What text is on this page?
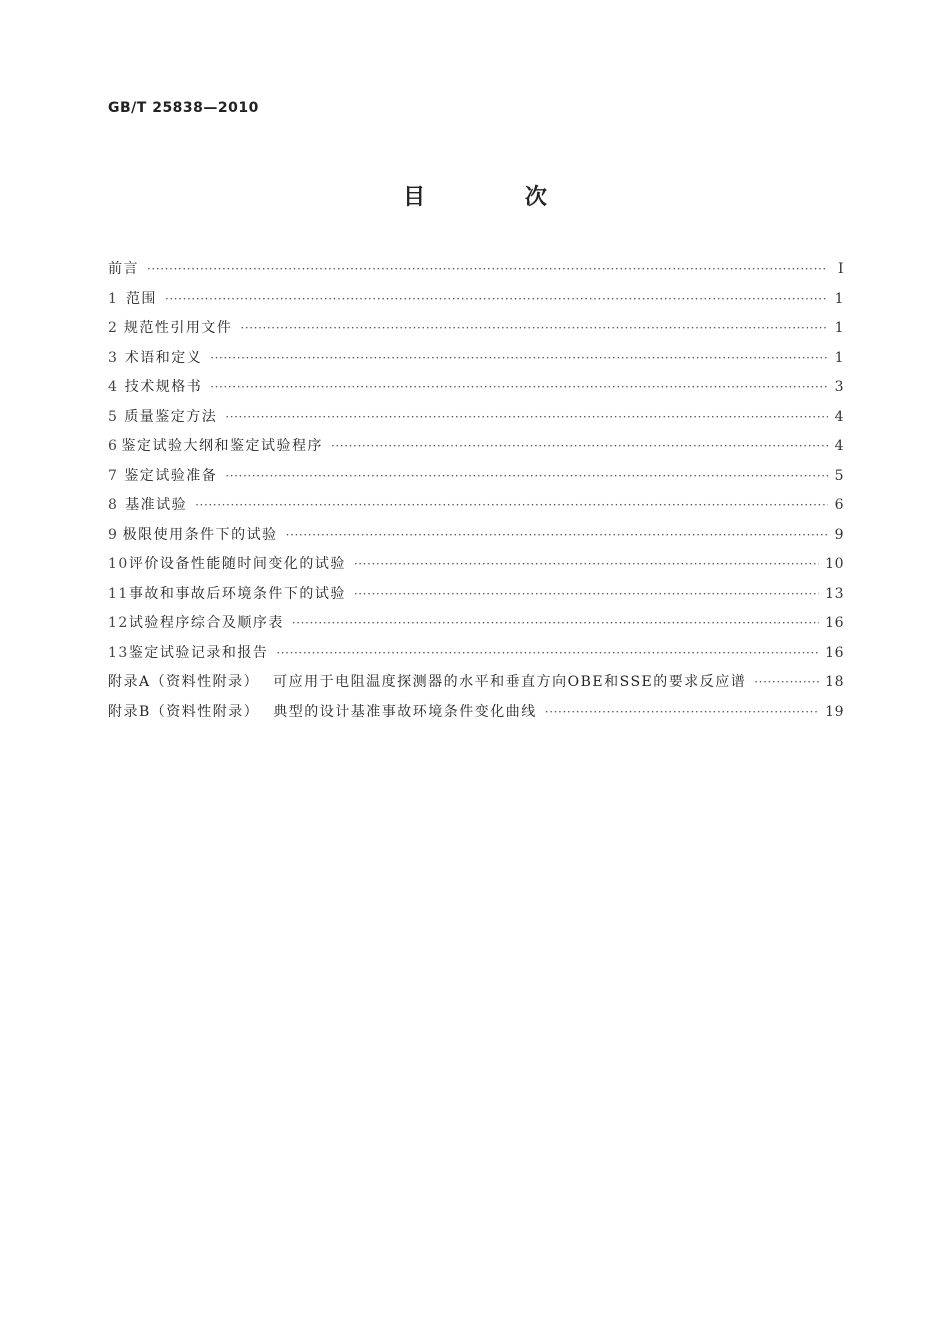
GB/T 25838—2010
目 次
前言 ·····	Ⅰ
1 范围 ·····	1
2 规范性引用文件 ·····	1
3 术语和定义 ·····	1
4 技术规格书 ·····	3
5 质量鉴定方法 ·····	4
6 鉴定试验大纲和鉴定试验程序 ·····	4
7 鉴定试验准备 ·····	5
8 基准试验 ·····	6
9 极限使用条件下的试验 ·····	9
10 评价设备性能随时间变化的试验 ·····	10
11 事故和事故后环境条件下的试验 ·····	13
12 试验程序综合及顺序表 ·····	16
13 鉴定试验记录和报告 ·····	16
附录A（资料性附录） 可应用于电阻温度探测器的水平和垂直方向OBE和SSE的要求反应谱 ·····	18
附录B（资料性附录） 典型的设计基准事故环境条件变化曲线 ·····	19
